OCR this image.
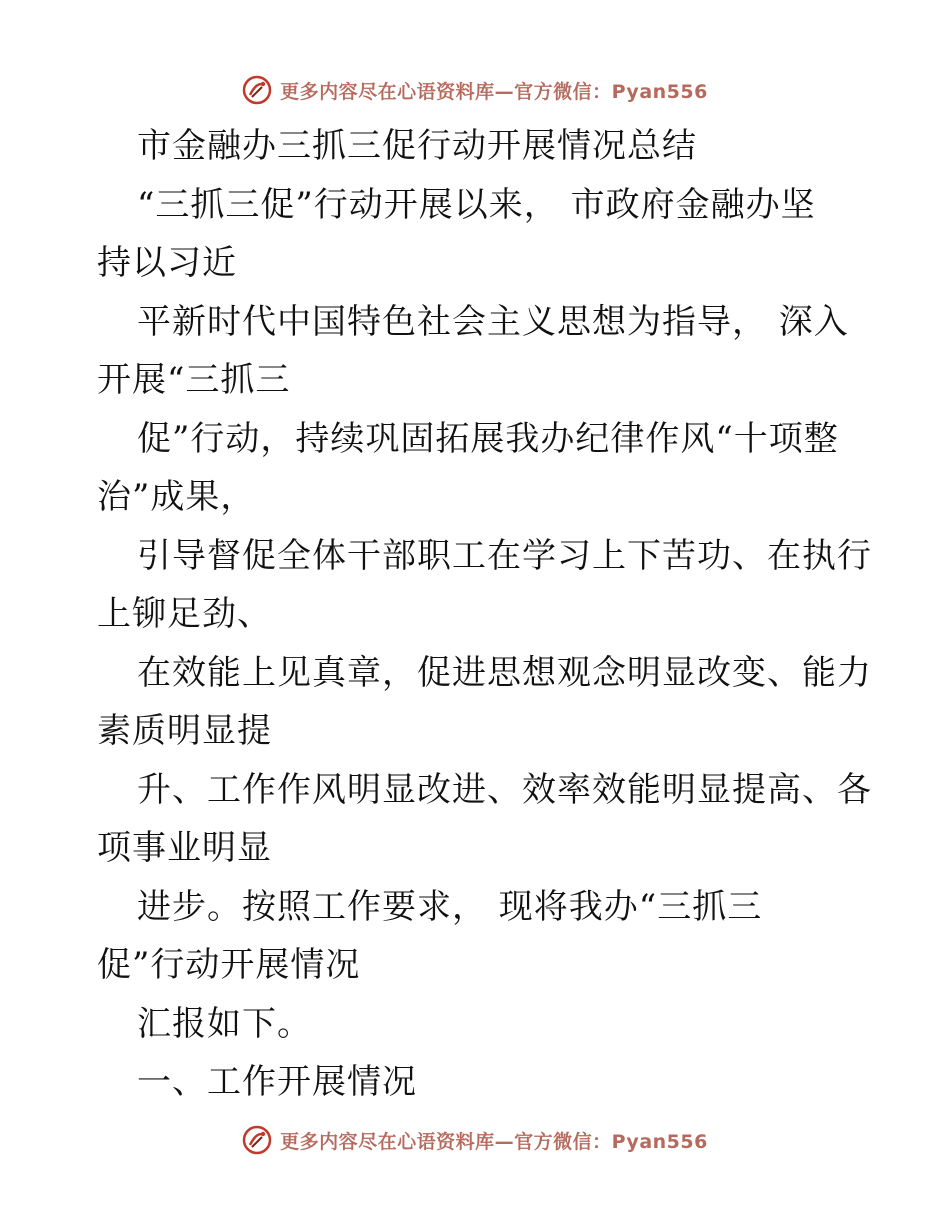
更多内容尽在心语资料库—官方微信：Pyan556
市金融办三抓三促行动开展情况总结
“三抓三促”行动开展以来， 市政府金融办坚
持以习近
平新时代中国特色社会主义思想为指导， 深入
开展“三抓三
促”行动，持续巩固拓展我办纪律作风“十项整
治”成果，
引导督促全体干部职工在学习上下苦功、在执行
上铆足劲、
在效能上见真章，促进思想观念明显改变、能力
素质明显提
升、工作作风明显改进、效率效能明显提高、各
项事业明显
进步。按照工作要求， 现将我办“三抓三
促”行动开展情况
汇报如下。
一、工作开展情况
更多内容尽在心语资料库—官方微信：Pyan556
